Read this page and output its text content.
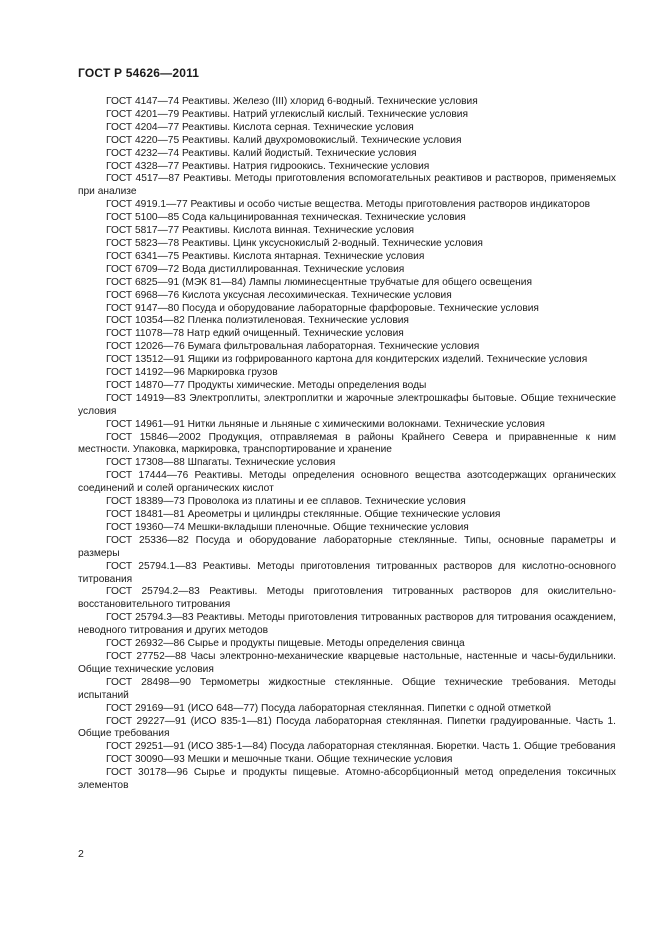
ГОСТ Р 54626—2011

ГОСТ 4147—74 Реактивы. Железо (III) хлорид 6-водный. Технические условия

ГОСТ 4201—79 Реактивы. Натрий углекислый кислый. Технические условия

ГОСТ 4204—77 Реактивы. Кислота серная. Технические условия

ГОСТ 4220—75 Реактивы. Калий двухромовокислый. Технические условия

ГОСТ 4232—74 Реактивы. Калий йодистый. Технические условия

ГОСТ 4328—77 Реактивы. Натрия гидроокись. Технические условия

ГОСТ 4517—87 Реактивы. Методы приготовления вспомогательных реактивов и растворов, применяемых при анализе

ГОСТ 4919.1—77 Реактивы и особо чистые вещества. Методы приготовления растворов индикаторов

ГОСТ 5100—85 Сода кальцинированная техническая. Технические условия

ГОСТ 5817—77 Реактивы. Кислота винная. Технические условия

ГОСТ 5823—78 Реактивы. Цинк уксуснокислый 2-водный. Технические условия

ГОСТ 6341—75 Реактивы. Кислота янтарная. Технические условия

ГОСТ 6709—72 Вода дистиллированная. Технические условия

ГОСТ 6825—91 (МЭК 81—84) Лампы люминесцентные трубчатые для общего освещения

ГОСТ 6968—76 Кислота уксусная лесохимическая. Технические условия

ГОСТ 9147—80 Посуда и оборудование лабораторные фарфоровые. Технические условия

ГОСТ 10354—82 Пленка полиэтиленовая. Технические условия

ГОСТ 11078—78 Натр едкий очищенный. Технические условия

ГОСТ 12026—76 Бумага фильтровальная лабораторная. Технические условия

ГОСТ 13512—91 Ящики из гофрированного картона для кондитерских изделий. Технические условия

ГОСТ 14192—96 Маркировка грузов

ГОСТ 14870—77 Продукты химические. Методы определения воды

ГОСТ 14919—83 Электроплиты, электроплитки и жарочные электрошкафы бытовые. Общие технические условия

ГОСТ 14961—91 Нитки льняные и льняные с химическими волокнами. Технические условия

ГОСТ 15846—2002 Продукция, отправляемая в районы Крайнего Севера и приравненные к ним местности. Упаковка, маркировка, транспортирование и хранение

ГОСТ 17308—88 Шпагаты. Технические условия

ГОСТ 17444—76 Реактивы. Методы определения основного вещества азотсодержащих органических соединений и солей органических кислот

ГОСТ 18389—73 Проволока из платины и ее сплавов. Технические условия

ГОСТ 18481—81 Ареометры и цилиндры стеклянные. Общие технические условия

ГОСТ 19360—74 Мешки-вкладыши пленочные. Общие технические условия

ГОСТ 25336—82 Посуда и оборудование лабораторные стеклянные. Типы, основные параметры и размеры

ГОСТ 25794.1—83 Реактивы. Методы приготовления титрованных растворов для кислотно-основного титрования

ГОСТ 25794.2—83 Реактивы. Методы приготовления титрованных растворов для окислительно-восстановительного титрования

ГОСТ 25794.3—83 Реактивы. Методы приготовления титрованных растворов для титрования осаждением, неводного титрования и других методов

ГОСТ 26932—86 Сырье и продукты пищевые. Методы определения свинца

ГОСТ 27752—88 Часы электронно-механические кварцевые настольные, настенные и часы-будильники. Общие технические условия

ГОСТ 28498—90 Термометры жидкостные стеклянные. Общие технические требования. Методы испытаний

ГОСТ 29169—91 (ИСО 648—77) Посуда лабораторная стеклянная. Пипетки с одной отметкой

ГОСТ 29227—91 (ИСО 835-1—81) Посуда лабораторная стеклянная. Пипетки градуированные. Часть 1. Общие требования

ГОСТ 29251—91 (ИСО 385-1—84) Посуда лабораторная стеклянная. Бюретки. Часть 1. Общие требования

ГОСТ 30090—93 Мешки и мешочные ткани. Общие технические условия

ГОСТ 30178—96 Сырье и продукты пищевые. Атомно-абсорбционный метод определения токсичных элементов

2
